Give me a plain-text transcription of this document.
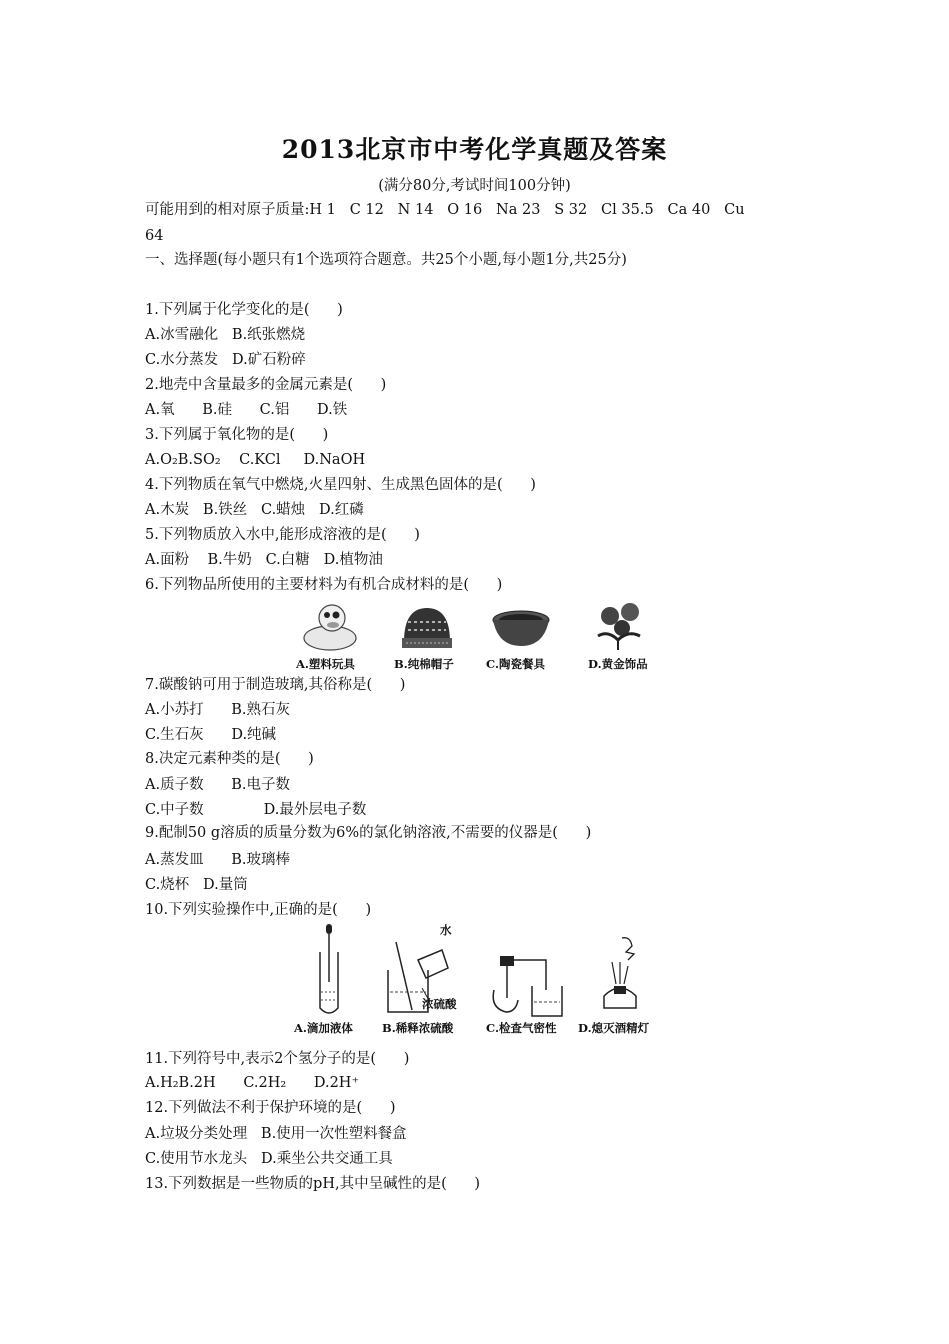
2013北京市中考化学真题及答案
(满分80分,考试时间100分钟)
可能用到的相对原子质量:H 1   C 12   N 14   O 16   Na 23   S 32   Cl 35.5   Ca 40   Cu
64
一、选择题(每小题只有1个选项符合题意。共25个小题,每小题1分,共25分)
1.下列属于化学变化的是(      )
A.冰雪融化   B.纸张燃烧
C.水分蒸发   D.矿石粉碎
2.地壳中含量最多的金属元素是(      )
A.氧      B.硅      C.铝      D.铁
3.下列属于氧化物的是(      )
A.O₂B.SO₂    C.KCl     D.NaOH
4.下列物质在氧气中燃烧,火星四射、生成黑色固体的是(      )
A.木炭   B.铁丝   C.蜡烛   D.红磷
5.下列物质放入水中,能形成溶液的是(      )
A.面粉    B.牛奶   C.白糖   D.植物油
6.下列物品所使用的主要材料为有机合成材料的是(      )
A.塑料玩具	B.纯棉帽子	C.陶瓷餐具	D.黄金饰品
7.碳酸钠可用于制造玻璃,其俗称是(      )
A.小苏打      B.熟石灰
C.生石灰      D.纯碱
8.决定元素种类的是(      )
A.质子数      B.电子数
C.中子数             D.最外层电子数
9.配制50 g溶质的质量分数为6%的氯化钠溶液,不需要的仪器是(      )
A.蒸发皿      B.玻璃棒
C.烧杯   D.量筒
10.下列实验操作中,正确的是(      )
水
浓硫酸
A.滴加液体	B.稀释浓硫酸	C.检查气密性 D.熄灭酒精灯
11.下列符号中,表示2个氢分子的是(      )
A.H₂B.2H      C.2H₂      D.2H⁺
12.下列做法不利于保护环境的是(      )
A.垃圾分类处理   B.使用一次性塑料餐盒
C.使用节水龙头   D.乘坐公共交通工具
13.下列数据是一些物质的pH,其中呈碱性的是(      )
